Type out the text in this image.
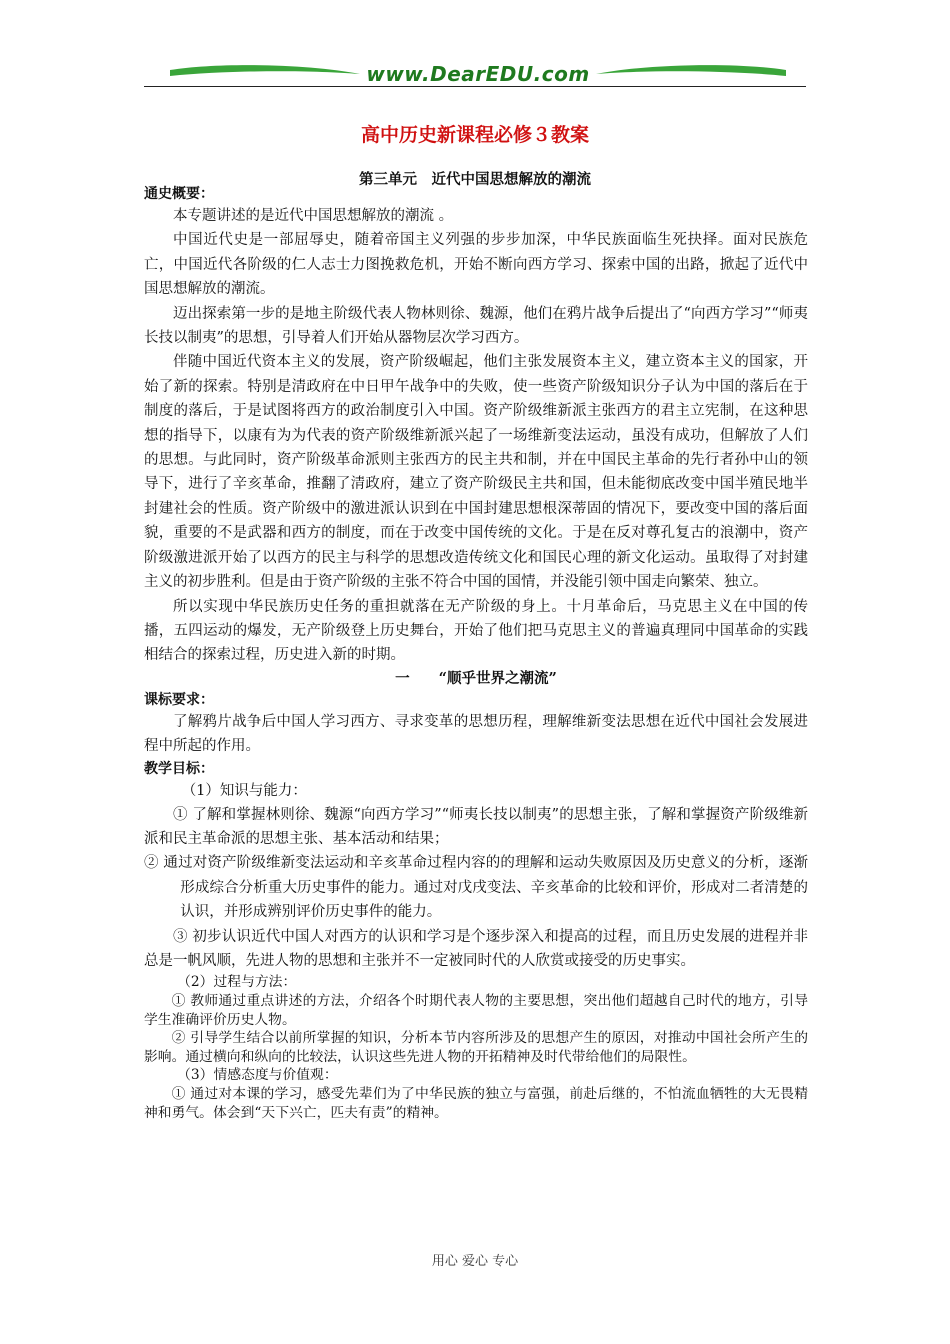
www.DearEDU.com
高中历史新课程必修３教案
第三单元　近代中国思想解放的潮流

通史概要：

本专题讲述的是近代中国思想解放的潮流 。

中国近代史是一部屈辱史，随着帝国主义列强的步步加深，中华民族面临生死抉择。面对民族危亡，中国近代各阶级的仁人志士力图挽救危机，开始不断向西方学习、探索中国的出路，掀起了近代中国思想解放的潮流。

迈出探索第一步的是地主阶级代表人物林则徐、魏源，他们在鸦片战争后提出了“向西方学习”“师夷长技以制夷”的思想，引导着人们开始从器物层次学习西方。

伴随中国近代资本主义的发展，资产阶级崛起，他们主张发展资本主义，建立资本主义的国家，开始了新的探索。特别是清政府在中日甲午战争中的失败，使一些资产阶级知识分子认为中国的落后在于制度的落后，于是试图将西方的政治制度引入中国。资产阶级维新派主张西方的君主立宪制，在这种思想的指导下，以康有为为代表的资产阶级维新派兴起了一场维新变法运动，虽没有成功，但解放了人们的思想。与此同时，资产阶级革命派则主张西方的民主共和制，并在中国民主革命的先行者孙中山的领导下，进行了辛亥革命，推翻了清政府，建立了资产阶级民主共和国，但未能彻底改变中国半殖民地半封建社会的性质。资产阶级中的激进派认识到在中国封建思想根深蒂固的情况下，要改变中国的落后面貌，重要的不是武器和西方的制度，而在于改变中国传统的文化。于是在反对尊孔复古的浪潮中，资产阶级激进派开始了以西方的民主与科学的思想改造传统文化和国民心理的新文化运动。虽取得了对封建主义的初步胜利。但是由于资产阶级的主张不符合中国的国情，并没能引领中国走向繁荣、独立。

所以实现中华民族历史任务的重担就落在无产阶级的身上。十月革命后，马克思主义在中国的传播，五四运动的爆发，无产阶级登上历史舞台，开始了他们把马克思主义的普遍真理同中国革命的实践相结合的探索过程，历史进入新的时期。

一　　“顺乎世界之潮流”

课标要求：

了解鸦片战争后中国人学习西方、寻求变革的思想历程，理解维新变法思想在近代中国社会发展进程中所起的作用。

教学目标：

（1）知识与能力：

① 了解和掌握林则徐、魏源“向西方学习”“师夷长技以制夷”的思想主张，了解和掌握资产阶级维新派和民主革命派的思想主张、基本活动和结果；

② 通过对资产阶级维新变法运动和辛亥革命过程内容的的理解和运动失败原因及历史意义的分析，逐渐形成综合分析重大历史事件的能力。通过对戊戌变法、辛亥革命的比较和评价，形成对二者清楚的认识，并形成辨别评价历史事件的能力。

③ 初步认识近代中国人对西方的认识和学习是个逐步深入和提高的过程，而且历史发展的进程并非总是一帆风顺，先进人物的思想和主张并不一定被同时代的人欣赏或接受的历史事实。

（2）过程与方法：

① 教师通过重点讲述的方法，介绍各个时期代表人物的主要思想，突出他们超越自己时代的地方，引导学生准确评价历史人物。

② 引导学生结合以前所掌握的知识，分析本节内容所涉及的思想产生的原因，对推动中国社会所产生的影响。通过横向和纵向的比较法，认识这些先进人物的开拓精神及时代带给他们的局限性。

（3）情感态度与价值观：

① 通过对本课的学习，感受先辈们为了中华民族的独立与富强，前赴后继的，不怕流血牺牲的大无畏精神和勇气。体会到“天下兴亡，匹夫有责”的精神。

用心 爱心 专心
